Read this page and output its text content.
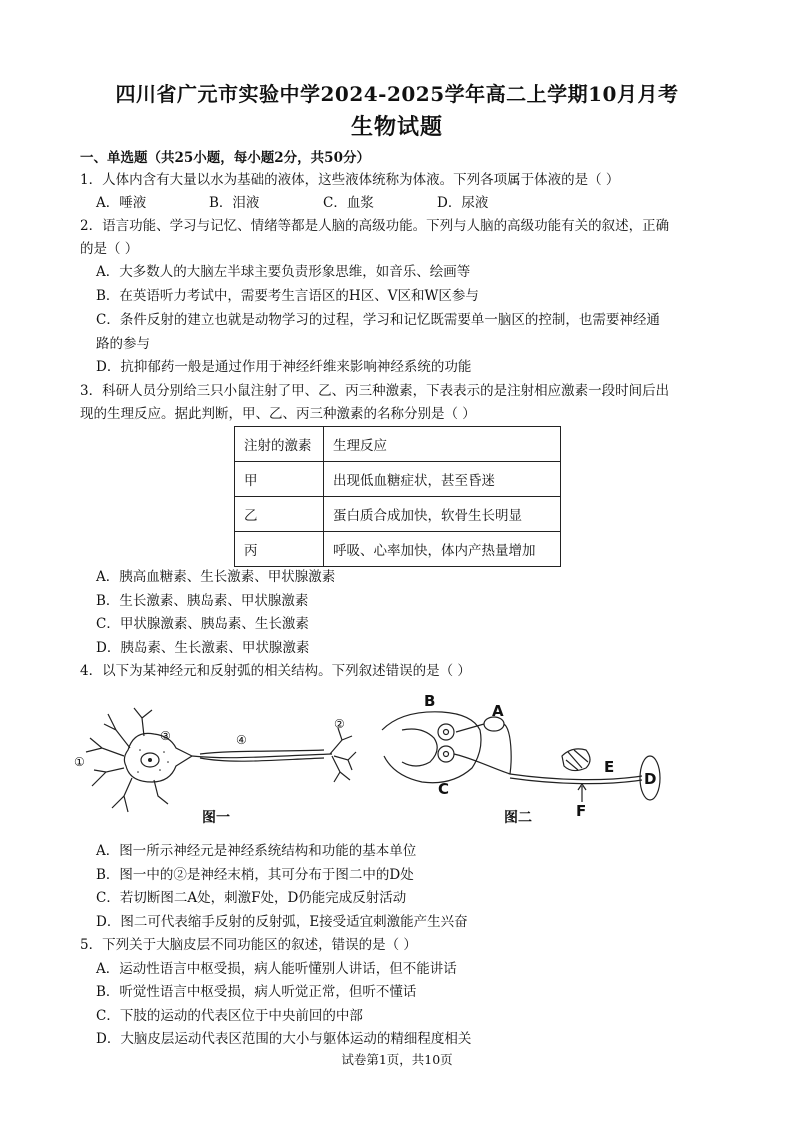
四川省广元市实验中学2024-2025学年高二上学期10月月考
生物试题
一、单选题（共25小题，每小题2分，共50分）
1．人体内含有大量以水为基础的液体，这些液体统称为体液。下列各项属于体液的是（ ）
A．唾液	B．泪液	C．血浆	D．尿液
2．语言功能、学习与记忆、情绪等都是人脑的高级功能。下列与人脑的高级功能有关的叙述，正确
的是（ ）
A．大多数人的大脑左半球主要负责形象思维，如音乐、绘画等
B．在英语听力考试中，需要考生言语区的H区、V区和W区参与
C．条件反射的建立也就是动物学习的过程，学习和记忆既需要单一脑区的控制，也需要神经通
路的参与
D．抗抑郁药一般是通过作用于神经纤维来影响神经系统的功能
3．科研人员分别给三只小鼠注射了甲、乙、丙三种激素，下表表示的是注射相应激素一段时间后出
现的生理反应。据此判断，甲、乙、丙三种激素的名称分别是（ ）
注射的激素	生理反应
甲	出现低血糖症状，甚至昏迷
乙	蛋白质合成加快，软骨生长明显
丙	呼吸、心率加快，体内产热量增加
A．胰高血糖素、生长激素、甲状腺激素
B．生长激素、胰岛素、甲状腺激素
C．甲状腺激素、胰岛素、生长激素
D．胰岛素、生长激素、甲状腺激素
4．以下为某神经元和反射弧的相关结构。下列叙述错误的是（ ）
①
②
③	④
图一
B
A
C
D
E
F
图二
A．图一所示神经元是神经系统结构和功能的基本单位
B．图一中的②是神经末梢，其可分布于图二中的D处
C．若切断图二A处，刺激F处，D仍能完成反射活动
D．图二可代表缩手反射的反射弧，E接受适宜刺激能产生兴奋
5．下列关于大脑皮层不同功能区的叙述，错误的是（ ）
A．运动性语言中枢受损，病人能听懂别人讲话，但不能讲话
B．听觉性语言中枢受损，病人听觉正常，但听不懂话
C．下肢的运动的代表区位于中央前回的中部
D．大脑皮层运动代表区范围的大小与躯体运动的精细程度相关
试卷第1页，共10页
